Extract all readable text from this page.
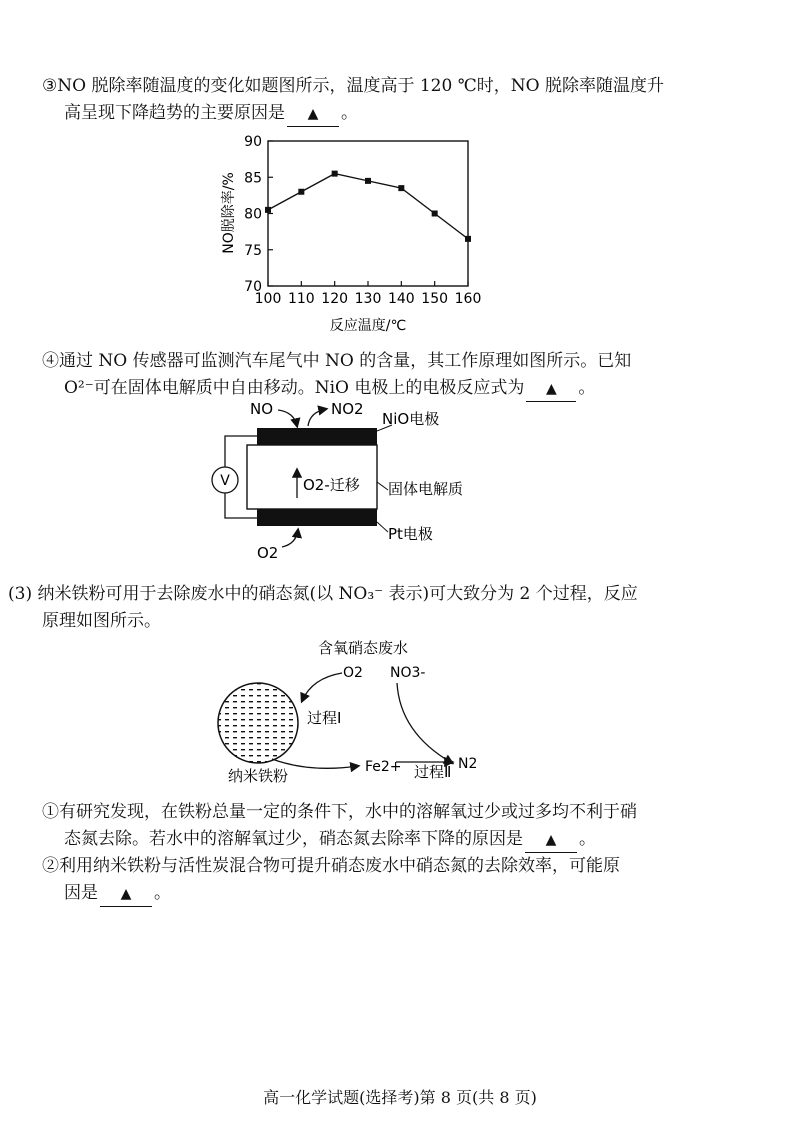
③NO 脱除率随温度的变化如题图所示，温度高于 120 ℃时，NO 脱除率随温度升
高呈现下降趋势的主要原因是 ▲ 。
70
75
80
85
90
100 110 120 130 140 150 160
NO脱除率/%
反应温度/℃
④通过 NO 传感器可监测汽车尾气中 NO 的含量，其工作原理如图所示。已知
O²⁻可在固体电解质中自由移动。NiO 电极上的电极反应式为 ▲ 。
V
NO	NO2
NiO电极
O2-迁移 固体电解质
Pt电极
O2
(3) 纳米铁粉可用于去除废水中的硝态氮(以 NO₃⁻ 表示)可大致分为 2 个过程，反应
原理如图所示。
含氧硝态废水
O2 NO3-
过程Ⅰ
Fe2+ 过程Ⅱ N2
纳米铁粉
①有研究发现，在铁粉总量一定的条件下，水中的溶解氧过少或过多均不利于硝
态氮去除。若水中的溶解氧过少，硝态氮去除率下降的原因是 ▲ 。
②利用纳米铁粉与活性炭混合物可提升硝态废水中硝态氮的去除效率，可能原
因是 ▲ 。
高一化学试题(选择考)第 8 页(共 8 页)
